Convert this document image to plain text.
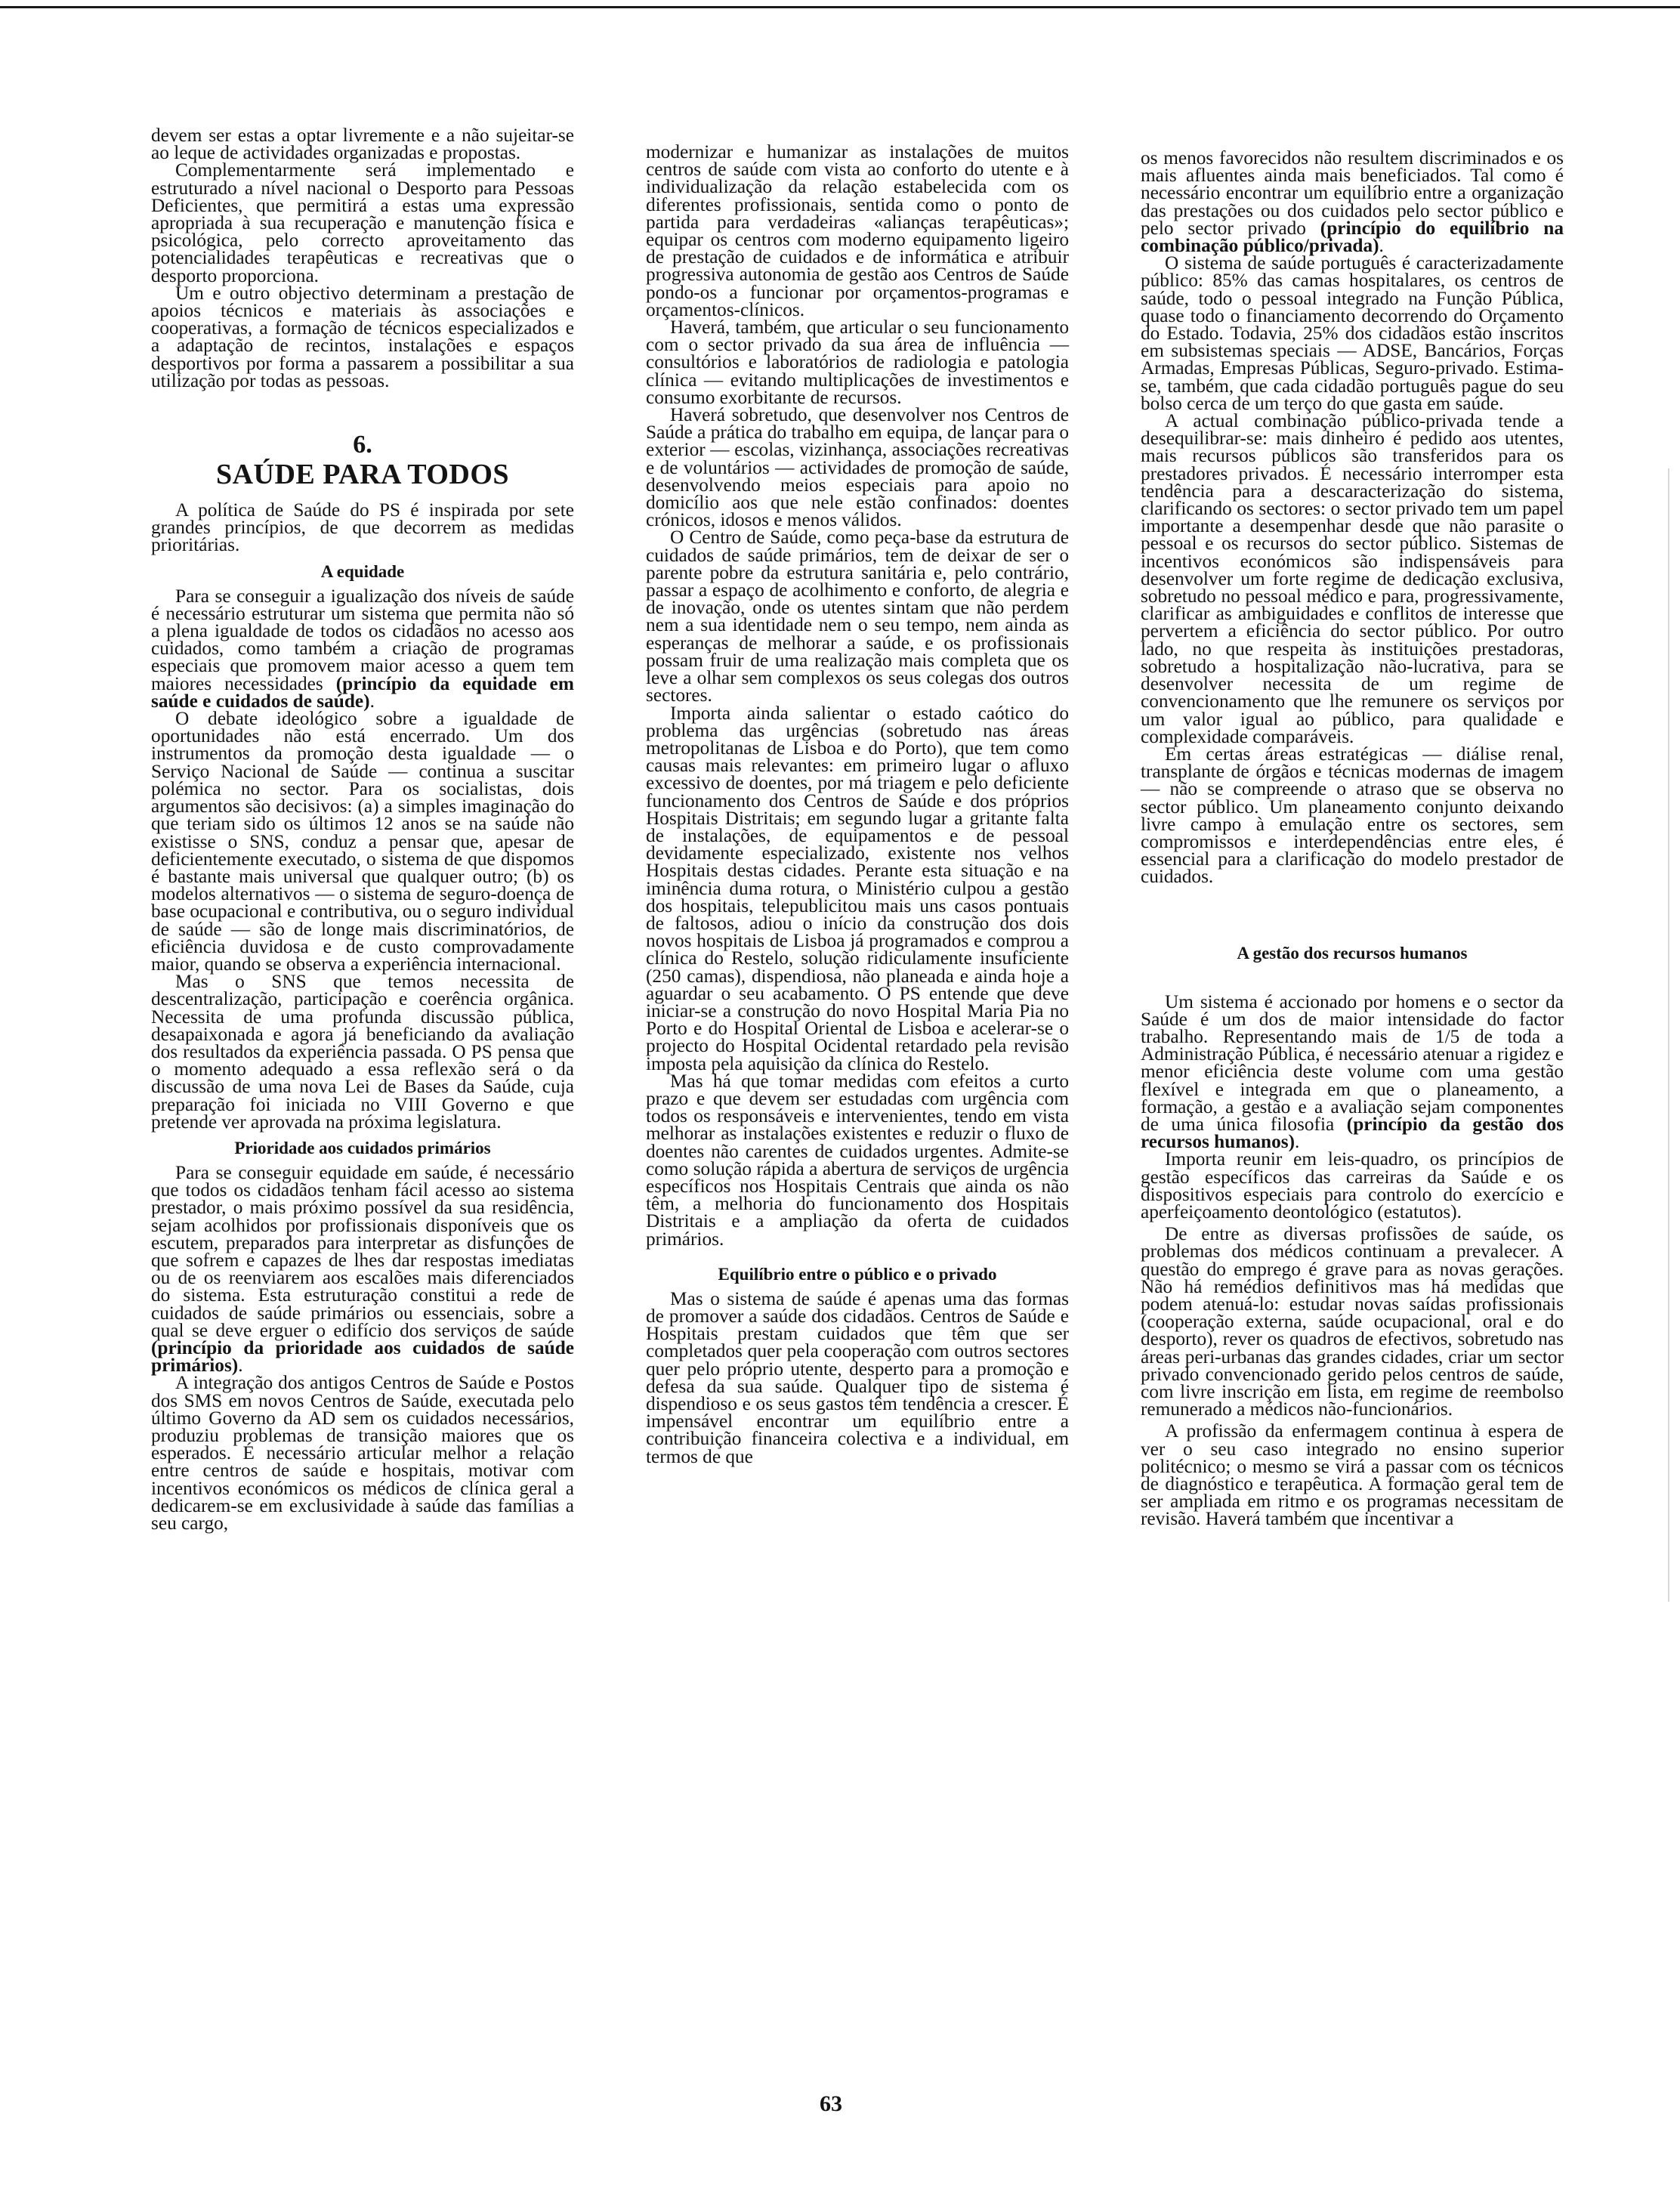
devem ser estas a optar livremente e a não sujeitar-se ao leque de actividades organizadas e propostas.

Complementarmente será implementado e estruturado a nível nacional o Desporto para Pessoas Deficientes, que permitirá a estas uma expressão apropriada à sua recuperação e manutenção física e psicológica, pelo correcto aproveitamento das potencialidades terapêuticas e recreativas que o desporto proporciona.

Um e outro objectivo determinam a prestação de apoios técnicos e materiais às associações e cooperativas, a formação de técnicos especializados e a adaptação de recintos, instalações e espaços desportivos por forma a passarem a possibilitar a sua utilização por todas as pessoas.

6.
SAÚDE PARA TODOS

A política de Saúde do PS é inspirada por sete grandes princípios, de que decorrem as medidas prioritárias.

A equidade

Para se conseguir a igualização dos níveis de saúde é necessário estruturar um sistema que permita não só a plena igualdade de todos os cidadãos no acesso aos cuidados, como também a criação de programas especiais que promovem maior acesso a quem tem maiores necessidades (princípio da equidade em saúde e cuidados de saúde).

O debate ideológico sobre a igualdade de oportunidades não está encerrado. Um dos instrumentos da promoção desta igualdade — o Serviço Nacional de Saúde — continua a suscitar polémica no sector. Para os socialistas, dois argumentos são decisivos: (a) a simples imaginação do que teriam sido os últimos 12 anos se na saúde não existisse o SNS, conduz a pensar que, apesar de deficientemente executado, o sistema de que dispomos é bastante mais universal que qualquer outro; (b) os modelos alternativos — o sistema de seguro-doença de base ocupacional e contributiva, ou o seguro individual de saúde — são de longe mais discriminatórios, de eficiência duvidosa e de custo comprovadamente maior, quando se observa a experiência internacional.

Mas o SNS que temos necessita de descentralização, participação e coerência orgânica. Necessita de uma profunda discussão pública, desapaixonada e agora já beneficiando da avaliação dos resultados da experiência passada. O PS pensa que o momento adequado a essa reflexão será o da discussão de uma nova Lei de Bases da Saúde, cuja preparação foi iniciada no VIII Governo e que pretende ver aprovada na próxima legislatura.

Prioridade aos cuidados primários

Para se conseguir equidade em saúde, é necessário que todos os cidadãos tenham fácil acesso ao sistema prestador, o mais próximo possível da sua residência, sejam acolhidos por profissionais disponíveis que os escutem, preparados para interpretar as disfunções de que sofrem e capazes de lhes dar respostas imediatas ou de os reenviarem aos escalões mais diferenciados do sistema. Esta estruturação constitui a rede de cuidados de saúde primários ou essenciais, sobre a qual se deve erguer o edifício dos serviços de saúde (princípio da prioridade aos cuidados de saúde primários).

A integração dos antigos Centros de Saúde e Postos dos SMS em novos Centros de Saúde, executada pelo último Governo da AD sem os cuidados necessários, produziu problemas de transição maiores que os esperados. É necessário articular melhor a relação entre centros de saúde e hospitais, motivar com incentivos económicos os médicos de clínica geral a dedicarem-se em exclusividade à saúde das famílias a seu cargo,

modernizar e humanizar as instalações de muitos centros de saúde com vista ao conforto do utente e à individualização da relação estabelecida com os diferentes profissionais, sentida como o ponto de partida para verdadeiras «alianças terapêuticas»; equipar os centros com moderno equipamento ligeiro de prestação de cuidados e de informática e atribuir progressiva autonomia de gestão aos Centros de Saúde pondo-os a funcionar por orçamentos-programas e orçamentos-clínicos.

Haverá, também, que articular o seu funcionamento com o sector privado da sua área de influência — consultórios e laboratórios de radiologia e patologia clínica — evitando multiplicações de investimentos e consumo exorbitante de recursos.

Haverá sobretudo, que desenvolver nos Centros de Saúde a prática do trabalho em equipa, de lançar para o exterior — escolas, vizinhança, associações recreativas e de voluntários — actividades de promoção de saúde, desenvolvendo meios especiais para apoio no domicílio aos que nele estão confinados: doentes crónicos, idosos e menos válidos.

O Centro de Saúde, como peça-base da estrutura de cuidados de saúde primários, tem de deixar de ser o parente pobre da estrutura sanitária e, pelo contrário, passar a espaço de acolhimento e conforto, de alegria e de inovação, onde os utentes sintam que não perdem nem a sua identidade nem o seu tempo, nem ainda as esperanças de melhorar a saúde, e os profissionais possam fruir de uma realização mais completa que os leve a olhar sem complexos os seus colegas dos outros sectores.

Importa ainda salientar o estado caótico do problema das urgências (sobretudo nas áreas metropolitanas de Lisboa e do Porto), que tem como causas mais relevantes: em primeiro lugar o afluxo excessivo de doentes, por má triagem e pelo deficiente funcionamento dos Centros de Saúde e dos próprios Hospitais Distritais; em segundo lugar a gritante falta de instalações, de equipamentos e de pessoal devidamente especializado, existente nos velhos Hospitais destas cidades. Perante esta situação e na iminência duma rotura, o Ministério culpou a gestão dos hospitais, telepublicitou mais uns casos pontuais de faltosos, adiou o início da construção dos dois novos hospitais de Lisboa já programados e comprou a clínica do Restelo, solução ridiculamente insuficiente (250 camas), dispendiosa, não planeada e ainda hoje a aguardar o seu acabamento. O PS entende que deve iniciar-se a construção do novo Hospital Maria Pia no Porto e do Hospital Oriental de Lisboa e acelerar-se o projecto do Hospital Ocidental retardado pela revisão imposta pela aquisição da clínica do Restelo.

Mas há que tomar medidas com efeitos a curto prazo e que devem ser estudadas com urgência com todos os responsáveis e intervenientes, tendo em vista melhorar as instalações existentes e reduzir o fluxo de doentes não carentes de cuidados urgentes. Admite-se como solução rápida a abertura de serviços de urgência específicos nos Hospitais Centrais que ainda os não têm, a melhoria do funcionamento dos Hospitais Distritais e a ampliação da oferta de cuidados primários.

Equilíbrio entre o público e o privado

Mas o sistema de saúde é apenas uma das formas de promover a saúde dos cidadãos. Centros de Saúde e Hospitais prestam cuidados que têm que ser completados quer pela cooperação com outros sectores quer pelo próprio utente, desperto para a promoção e defesa da sua saúde. Qualquer tipo de sistema é dispendioso e os seus gastos têm tendência a crescer. É impensável encontrar um equilíbrio entre a contribuição financeira colectiva e a individual, em termos de que

os menos favorecidos não resultem discriminados e os mais afluentes ainda mais beneficiados. Tal como é necessário encontrar um equilíbrio entre a organização das prestações ou dos cuidados pelo sector público e pelo sector privado (princípio do equilíbrio na combinação público/privada).

O sistema de saúde português é caracterizadamente público: 85% das camas hospitalares, os centros de saúde, todo o pessoal integrado na Função Pública, quase todo o financiamento decorrendo do Orçamento do Estado. Todavia, 25% dos cidadãos estão inscritos em subsistemas speciais — ADSE, Bancários, Forças Armadas, Empresas Públicas, Seguro-privado. Estima-se, também, que cada cidadão português pague do seu bolso cerca de um terço do que gasta em saúde.

A actual combinação público-privada tende a desequilibrar-se: mais dinheiro é pedido aos utentes, mais recursos públicos são transferidos para os prestadores privados. É necessário interromper esta tendência para a descaracterização do sistema, clarificando os sectores: o sector privado tem um papel importante a desempenhar desde que não parasite o pessoal e os recursos do sector público. Sistemas de incentivos económicos são indispensáveis para desenvolver um forte regime de dedicação exclusiva, sobretudo no pessoal médico e para, progressivamente, clarificar as ambiguidades e conflitos de interesse que pervertem a eficiência do sector público. Por outro lado, no que respeita às instituições prestadoras, sobretudo a hospitalização não-lucrativa, para se desenvolver necessita de um regime de convencionamento que lhe remunere os serviços por um valor igual ao público, para qualidade e complexidade comparáveis.

Em certas áreas estratégicas — diálise renal, transplante de órgãos e técnicas modernas de imagem — não se compreende o atraso que se observa no sector público. Um planeamento conjunto deixando livre campo à emulação entre os sectores, sem compromissos e interdependências entre eles, é essencial para a clarificação do modelo prestador de cuidados.

A gestão dos recursos humanos

Um sistema é accionado por homens e o sector da Saúde é um dos de maior intensidade do factor trabalho. Representando mais de 1/5 de toda a Administração Pública, é necessário atenuar a rigidez e menor eficiência deste volume com uma gestão flexível e integrada em que o planeamento, a formação, a gestão e a avaliação sejam componentes de uma única filosofia (princípio da gestão dos recursos humanos).

Importa reunir em leis-quadro, os princípios de gestão específicos das carreiras da Saúde e os dispositivos especiais para controlo do exercício e aperfeiçoamento deontológico (estatutos).

De entre as diversas profissões de saúde, os problemas dos médicos continuam a prevalecer. A questão do emprego é grave para as novas gerações. Não há remédios definitivos mas há medidas que podem atenuá-lo: estudar novas saídas profissionais (cooperação externa, saúde ocupacional, oral e do desporto), rever os quadros de efectivos, sobretudo nas áreas peri-urbanas das grandes cidades, criar um sector privado convencionado gerido pelos centros de saúde, com livre inscrição em lista, em regime de reembolso remunerado a médicos não-funcionários.

A profissão da enfermagem continua à espera de ver o seu caso integrado no ensino superior politécnico; o mesmo se virá a passar com os técnicos de diagnóstico e terapêutica. A formação geral tem de ser ampliada em ritmo e os programas necessitam de revisão. Haverá também que incentivar a

63
